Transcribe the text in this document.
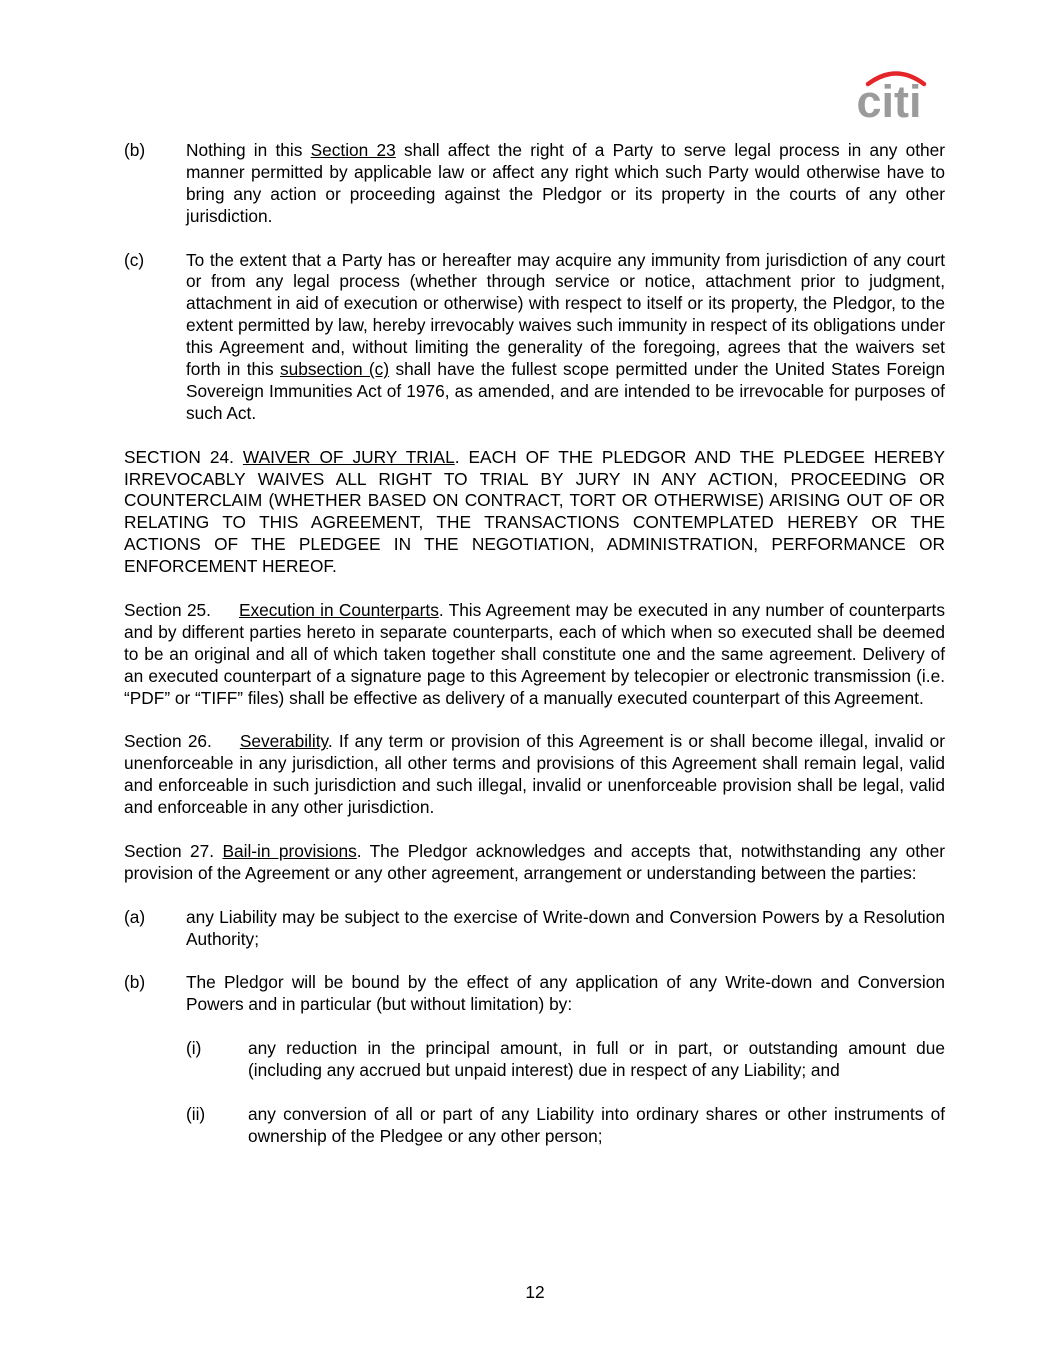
citi
(b)	Nothing in this Section 23 shall affect the right of a Party to serve legal process in any other manner permitted by applicable law or affect any right which such Party would otherwise have to bring any action or proceeding against the Pledgor or its property in the courts of any other jurisdiction.
(c)	To the extent that a Party has or hereafter may acquire any immunity from jurisdiction of any court or from any legal process (whether through service or notice, attachment prior to judgment, attachment in aid of execution or otherwise) with respect to itself or its property, the Pledgor, to the extent permitted by law, hereby irrevocably waives such immunity in respect of its obligations under this Agreement and, without limiting the generality of the foregoing, agrees that the waivers set forth in this subsection (c) shall have the fullest scope permitted under the United States Foreign Sovereign Immunities Act of 1976, as amended, and are intended to be irrevocable for purposes of such Act.
SECTION 24. WAIVER OF JURY TRIAL. EACH OF THE PLEDGOR AND THE PLEDGEE HEREBY IRREVOCABLY WAIVES ALL RIGHT TO TRIAL BY JURY IN ANY ACTION, PROCEEDING OR COUNTERCLAIM (WHETHER BASED ON CONTRACT, TORT OR OTHERWISE) ARISING OUT OF OR RELATING TO THIS AGREEMENT, THE TRANSACTIONS CONTEMPLATED HEREBY OR THE ACTIONS OF THE PLEDGEE IN THE NEGOTIATION, ADMINISTRATION, PERFORMANCE OR ENFORCEMENT HEREOF.
Section 25. Execution in Counterparts. This Agreement may be executed in any number of counterparts and by different parties hereto in separate counterparts, each of which when so executed shall be deemed to be an original and all of which taken together shall constitute one and the same agreement. Delivery of an executed counterpart of a signature page to this Agreement by telecopier or electronic transmission (i.e. “PDF” or “TIFF” files) shall be effective as delivery of a manually executed counterpart of this Agreement.
Section 26. Severability. If any term or provision of this Agreement is or shall become illegal, invalid or unenforceable in any jurisdiction, all other terms and provisions of this Agreement shall remain legal, valid and enforceable in such jurisdiction and such illegal, invalid or unenforceable provision shall be legal, valid and enforceable in any other jurisdiction.
Section 27. Bail-in provisions. The Pledgor acknowledges and accepts that, notwithstanding any other provision of the Agreement or any other agreement, arrangement or understanding between the parties:
(a)	any Liability may be subject to the exercise of Write-down and Conversion Powers by a Resolution Authority;
(b)	The Pledgor will be bound by the effect of any application of any Write-down and Conversion Powers and in particular (but without limitation) by:
(i)	any reduction in the principal amount, in full or in part, or outstanding amount due (including any accrued but unpaid interest) due in respect of any Liability; and
(ii)	any conversion of all or part of any Liability into ordinary shares or other instruments of ownership of the Pledgee or any other person;
12
